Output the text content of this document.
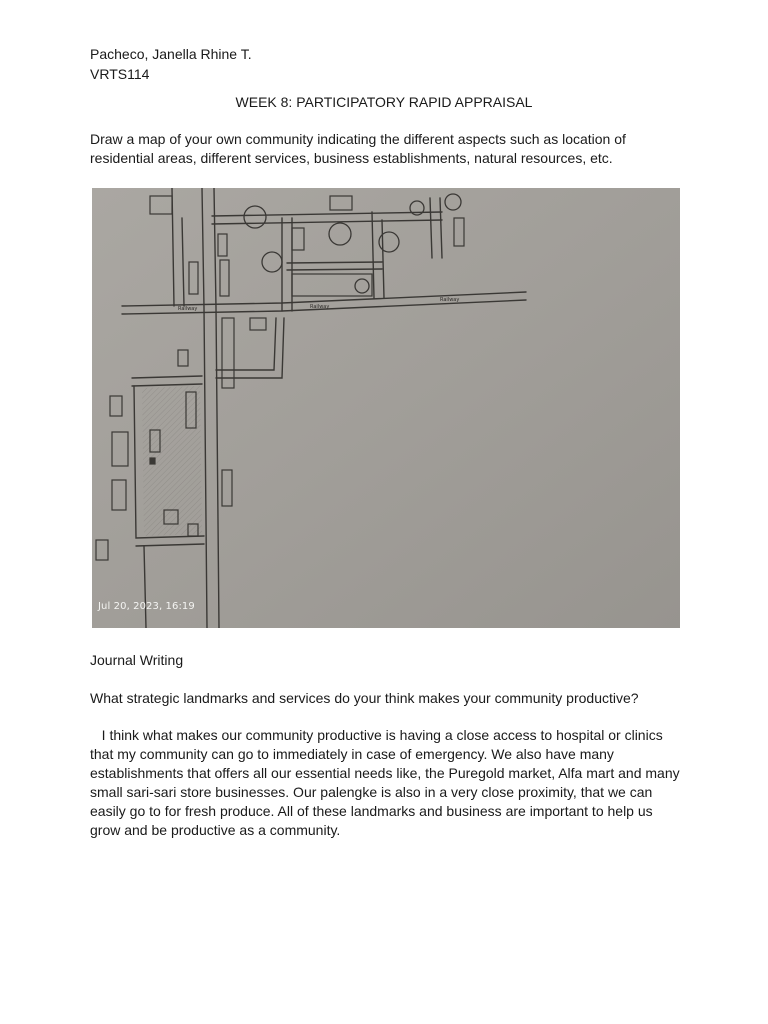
Pacheco, Janella Rhine T.
VRTS114
WEEK 8: PARTICIPATORY RAPID APPRAISAL
Draw a map of your own community indicating the different aspects such as location of residential areas, different services, business establishments, natural resources, etc.
Railway	Railway
Railway
Jul 20, 2023, 16:19
Journal Writing
What strategic landmarks and services do your think makes your community productive?
I think what makes our community productive is having a close access to hospital or clinics that my community can go to immediately in case of emergency. We also have many establishments that offers all our essential needs like, the Puregold market, Alfa mart and many small sari-sari store businesses. Our palengke is also in a very close proximity, that we can easily go to for fresh produce. All of these landmarks and business are important to help us grow and be productive as a community.
